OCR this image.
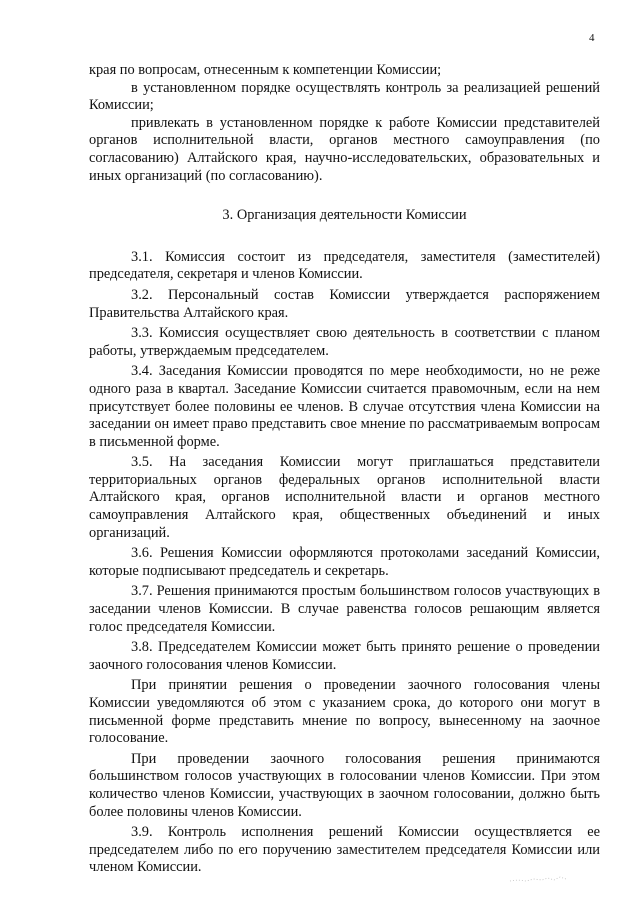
4

края по вопросам, отнесенным к компетенции Комиссии;

в установленном порядке осуществлять контроль за реализацией решений Комиссии;

привлекать в установленном порядке к работе Комиссии представителей органов исполнительной власти, органов местного самоуправления (по согласованию) Алтайского края, научно-исследовательских, образовательных и иных организаций (по согласованию).

3. Организация деятельности Комиссии

3.1. Комиссия состоит из председателя, заместителя (заместителей) председателя, секретаря и членов Комиссии.

3.2. Персональный состав Комиссии утверждается распоряжением Правительства Алтайского края.

3.3. Комиссия осуществляет свою деятельность в соответствии с планом работы, утверждаемым председателем.

3.4. Заседания Комиссии проводятся по мере необходимости, но не реже одного раза в квартал. Заседание Комиссии считается правомочным, если на нем присутствует более половины ее членов. В случае отсутствия члена Комиссии на заседании он имеет право представить свое мнение по рассматриваемым вопросам в письменной форме.

3.5. На заседания Комиссии могут приглашаться представители территориальных органов федеральных органов исполнительной власти Алтайского края, органов исполнительной власти и органов местного самоуправления Алтайского края, общественных объединений и иных организаций.

3.6. Решения Комиссии оформляются протоколами заседаний Комиссии, которые подписывают председатель и секретарь.

3.7. Решения принимаются простым большинством голосов участвующих в заседании членов Комиссии. В случае равенства голосов решающим является голос председателя Комиссии.

3.8. Председателем Комиссии может быть принято решение о проведении заочного голосования членов Комиссии.

При принятии решения о проведении заочного голосования члены Комиссии уведомляются об этом с указанием срока, до которого они могут в письменной форме представить мнение по вопросу, вынесенному на заочное голосование.

При проведении заочного голосования решения принимаются большинством голосов участвующих в голосовании членов Комиссии. При этом количество членов Комиссии, участвующих в заочном голосовании, должно быть более половины членов Комиссии.

3.9. Контроль исполнения решений Комиссии осуществляется ее председателем либо по его поручению заместителем председателя Комиссии или членом Комиссии.
